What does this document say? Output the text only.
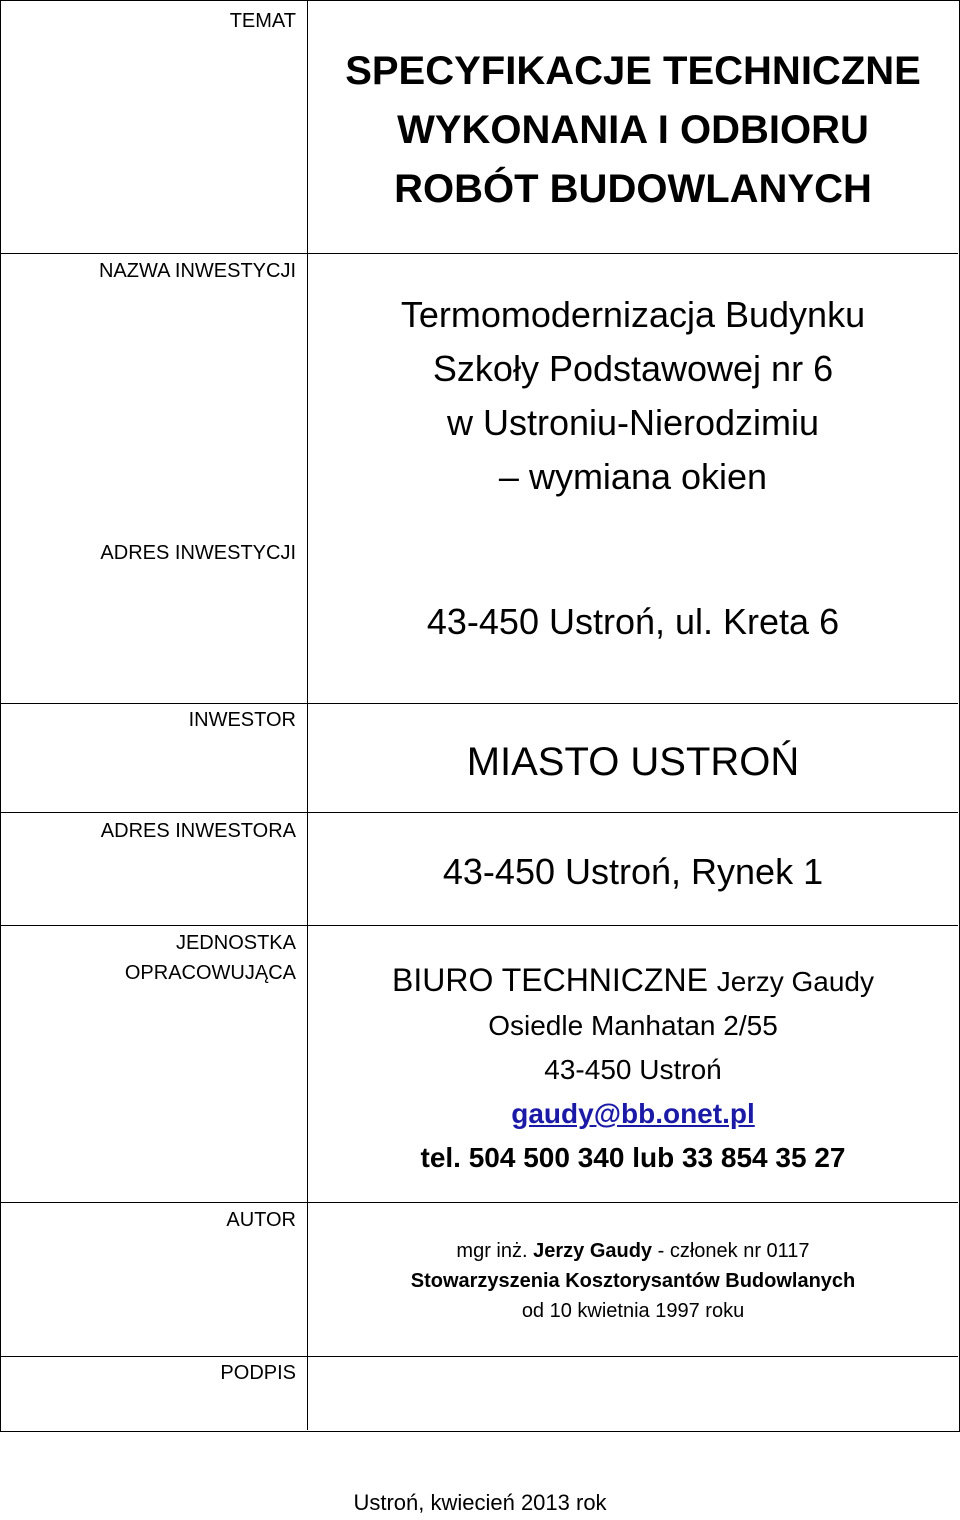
TEMAT
NAZWA INWESTYCJI
ADRES INWESTYCJI
INWESTOR
ADRES INWESTORA
JEDNOSTKA
OPRACOWUJĄCA
AUTOR
PODPIS
SPECYFIKACJE TECHNICZNE
WYKONANIA I ODBIORU
ROBÓT BUDOWLANYCH
Termomodernizacja Budynku
Szkoły Podstawowej nr 6
w Ustroniu-Nierodzimiu
– wymiana okien
43-450 Ustroń, ul. Kreta 6
MIASTO USTROŃ
43-450 Ustroń, Rynek 1
BIURO TECHNICZNE Jerzy Gaudy
Osiedle Manhatan 2/55
43-450 Ustroń
gaudy@bb.onet.pl
tel. 504 500 340 lub 33 854 35 27
mgr inż. Jerzy Gaudy - członek nr 0117
Stowarzyszenia Kosztorysantów Budowlanych
od 10 kwietnia 1997 roku
Ustroń, kwiecień 2013 rok
